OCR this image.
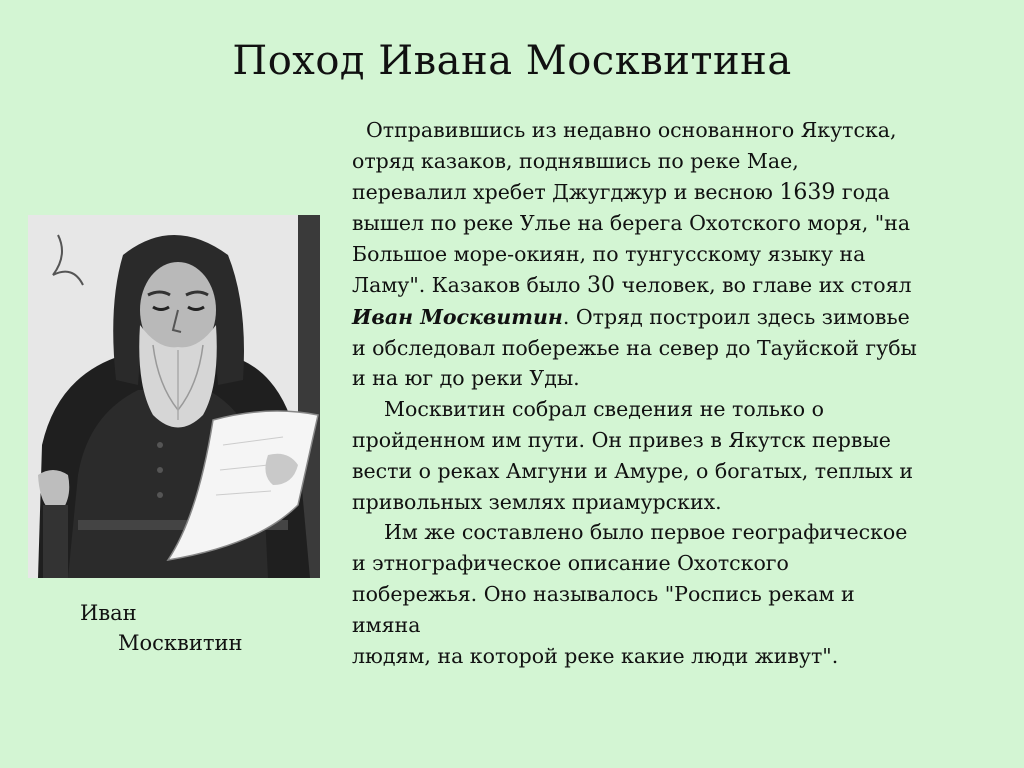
Поход Ивана Москвитина
Иван
Москвитин

Отправившись из недавно основанного Якутска,

отряд казаков, поднявшись по реке Мае,

перевалил хребет Джугджур и весною 1639 года

вышел по реке Улье на берега Охотского моря, "на

Большое море-окиян, по тунгусскому языку на

Ламу". Казаков было 30 человек, во главе их стоял

Иван Москвитин. Отряд построил здесь зимовье

и обследовал побережье на север до Тауйской губы

и на юг до реки Уды.

Москвитин собрал сведения не только о

пройденном им пути. Он привез в Якутск первые

вести о реках Амгуни и Амуре, о богатых, теплых и

привольных землях приамурских.

Им же составлено было первое географическое

и этнографическое описание Охотского

побережья. Оно называлось "Роспись рекам и

имяна

людям, на которой реке какие люди живут".
